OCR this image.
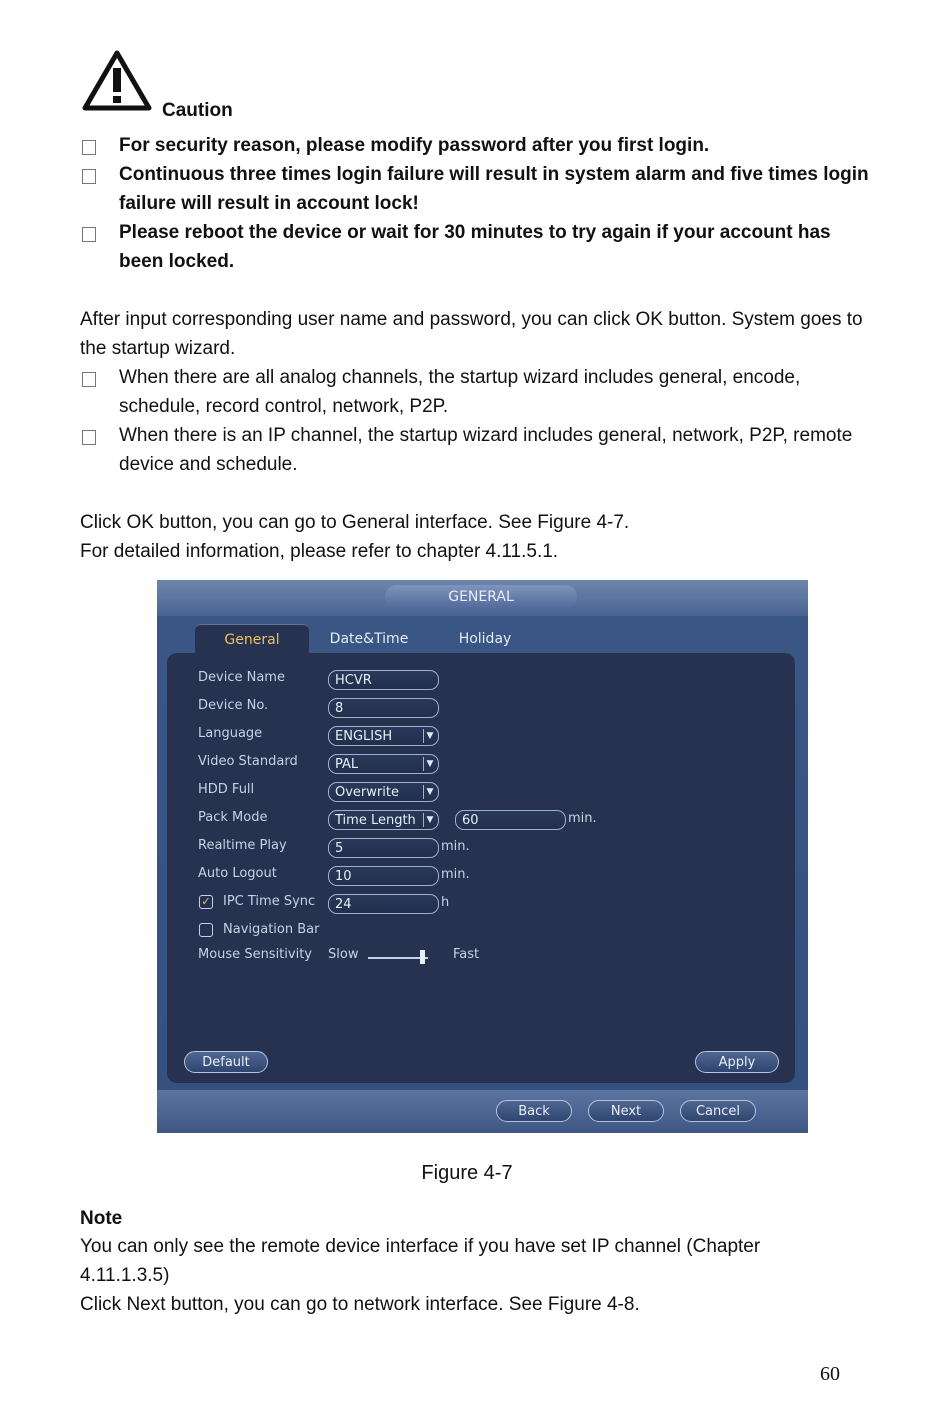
Caution
For security reason, please modify password after you first login.
Continuous three times login failure will result in system alarm and five times login failure will result in account lock!
Please reboot the device or wait for 30 minutes to try again if your account has been locked.
After input corresponding user name and password, you can click OK button. System goes to the startup wizard.
When there are all analog channels, the startup wizard includes general, encode, schedule, record control, network, P2P.
When there is an IP channel, the startup wizard includes general, network, P2P, remote device and schedule.
Click OK button, you can go to General interface. See Figure 4-7.
For detailed information, please refer to chapter 4.11.5.1.
GENERAL
General	Date&Time	Holiday
Device Name	HCVR
Device No.	8
Language	ENGLISH	▼
Video Standard	PAL	▼
HDD Full	Overwrite	▼
Pack Mode	Time Length	▼	60	min.
Realtime Play	5	min.
Auto Logout	10	min.
✓ IPC Time Sync	24	h
Navigation Bar
Mouse Sensitivity Slow	Fast
Default	Apply
Back	Next	Cancel
Figure 4-7
Note
You can only see the remote device interface if you have set IP channel (Chapter 4.11.1.3.5)
Click Next button, you can go to network interface. See Figure 4-8.
60
